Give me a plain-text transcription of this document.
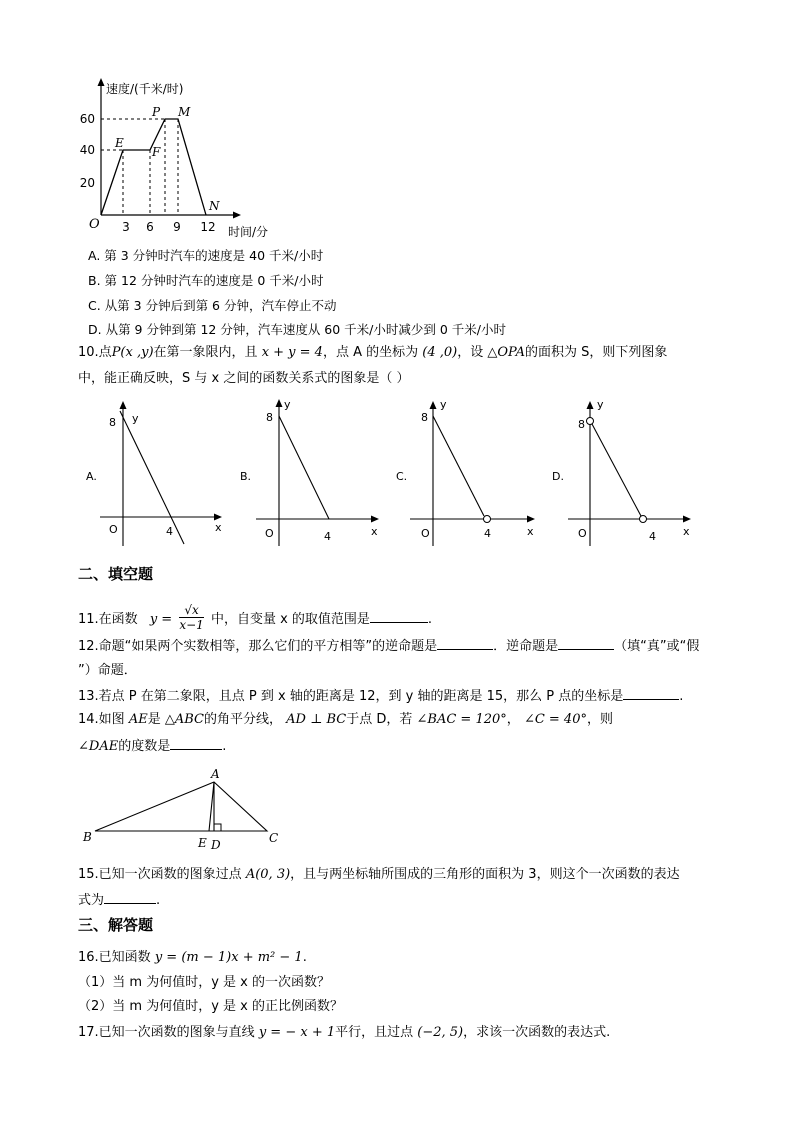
60
40
20
3 6 9 12
O
E
F
P M
N
时间/分
速度/(千米/时)
A. 第 3 分钟时汽车的速度是 40 千米/小时
B. 第 12 分钟时汽车的速度是 0 千米/小时
C. 从第 3 分钟后到第 6 分钟，汽车停止不动
D. 从第 9 分钟到第 12 分钟，汽车速度从 60 千米/小时减少到 0 千米/小时
10.点P(x ,y)在第一象限内，且 x + y = 4，点 A 的坐标为 (4 ,0)，设 △OPA的面积为 S，则下列图象
中，能正确反映，S 与 x 之间的函数关系式的图象是（ ）
A.
y
8
O	4	x
B.
y
8
O	4	x
C.
y
8
O	4	x
D.
y
8
O	4 x
二、填空题
11.在函数 $y = \frac{√x}{x-1}$ 中，自变量 x 的取值范围是	.
12.命题“如果两个实数相等，那么它们的平方相等”的逆命题是	．逆命题是	（填“真”或“假
”）命题．
13.若点 P 在第二象限，且点 P 到 x 轴的距离是 12，到 y 轴的距离是 15，那么 P 点的坐标是	.
14.如图 AE是 △ABC的角平分线， AD ⊥ BC于点 D，若 ∠BAC = 120°， ∠C = 40°，则
∠DAE的度数是	.
A
B	C
E D
15.已知一次函数的图象过点 A(0, 3)，且与两坐标轴所围成的三角形的面积为 3，则这个一次函数的表达
式为	.
三、解答题
16.已知函数 y = (m − 1)x + m² − 1.
（1）当 m 为何值时，y 是 x 的一次函数？
（2）当 m 为何值时，y 是 x 的正比例函数？
17.已知一次函数的图象与直线 y = − x + 1平行，且过点 (−2, 5)，求该一次函数的表达式.
